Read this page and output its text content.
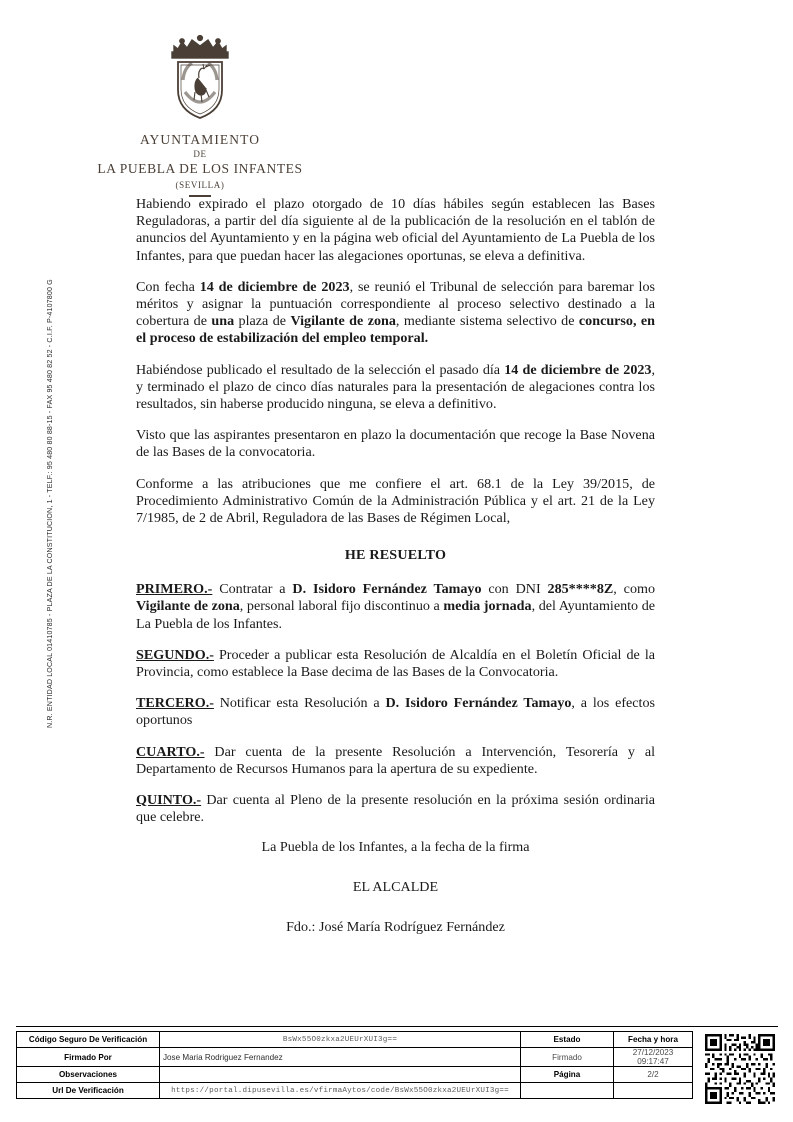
N.R. ENTIDAD LOCAL 01410785 - PLAZA DE LA CONSTITUCION, 1 - TELF.: 95 480 80 88-15 - FAX 95 480 82 52 - C.I.F. P-4107800 G
AYUNTAMIENTO
DE
LA PUEBLA DE LOS INFANTES
(SEVILLA)

Habiendo expirado el plazo otorgado de 10 días hábiles según establecen las Bases Reguladoras, a partir del día siguiente al de la publicación de la resolución en el tablón de anuncios del Ayuntamiento y en la página web oficial del Ayuntamiento de La Puebla de los Infantes, para que puedan hacer las alegaciones oportunas, se eleva a definitiva.

Con fecha 14 de diciembre de 2023, se reunió el Tribunal de selección para baremar los méritos y asignar la puntuación correspondiente al proceso selectivo destinado a la cobertura de una plaza de Vigilante de zona, mediante sistema selectivo de concurso, en el proceso de estabilización del empleo temporal.

Habiéndose publicado el resultado de la selección el pasado día 14 de diciembre de 2023, y terminado el plazo de cinco días naturales para la presentación de alegaciones contra los resultados, sin haberse producido ninguna, se eleva a definitivo.

Visto que las aspirantes presentaron en plazo la documentación que recoge la Base Novena de las Bases de la convocatoria.

Conforme a las atribuciones que me confiere el art. 68.1 de la Ley 39/2015, de Procedimiento Administrativo Común de la Administración Pública y el art. 21 de la Ley 7/1985, de 2 de Abril, Reguladora de las Bases de Régimen Local,

HE RESUELTO

PRIMERO.- Contratar a D. Isidoro Fernández Tamayo con DNI 285****8Z, como Vigilante de zona, personal laboral fijo discontinuo a media jornada, del Ayuntamiento de La Puebla de los Infantes.

SEGUNDO.- Proceder a publicar esta Resolución de Alcaldía en el Boletín Oficial de la Provincia, como establece la Base decima de las Bases de la Convocatoria.

TERCERO.- Notificar esta Resolución a D. Isidoro Fernández Tamayo, a los efectos oportunos

CUARTO.- Dar cuenta de la presente Resolución a Intervención, Tesorería y al Departamento de Recursos Humanos para la apertura de su expediente.

QUINTO.- Dar cuenta al Pleno de la presente resolución en la próxima sesión ordinaria que celebre.

La Puebla de los Infantes, a la fecha de la firma
EL ALCALDE
Fdo.: José María Rodríguez Fernández
Código Seguro De Verificación	BsWx55O0zkxa2UEUrXUI3g==	Estado	Fecha y hora
Firmado Por	Jose Maria Rodriguez Fernandez	Firmado	27/12/2023 09:17:47
Observaciones		Página	2/2
Url De Verificación	https://portal.dipusevilla.es/vfirmaAytos/code/BsWx55O0zkxa2UEUrXUI3g==		
